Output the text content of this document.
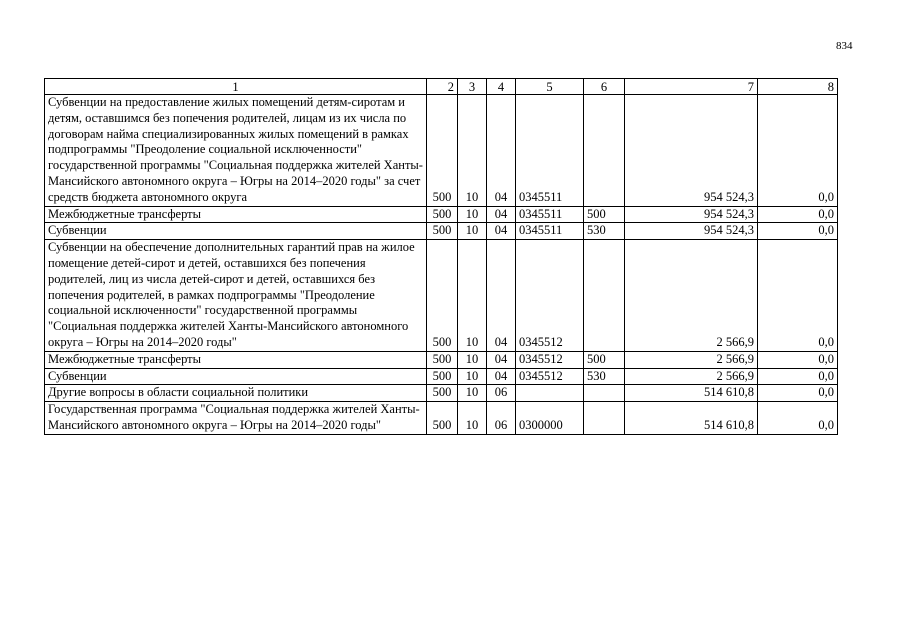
834
1	2	3	4	5	6	7	8
Субвенции на предоставление жилых помещений детям-сиротам и детям, оставшимся без попечения родителей, лицам из их числа по договорам найма специализированных жилых помещений в рамках подпрограммы "Преодоление социальной исключенности" государственной программы "Социальная поддержка жителей Ханты-Мансийского автономного округа – Югры на 2014–2020 годы" за счет средств бюджета автономного округа	500	10	04	0345511		954 524,3	0,0
Межбюджетные трансферты	500	10	04	0345511	500	954 524,3	0,0
Субвенции	500	10	04	0345511	530	954 524,3	0,0
Субвенции на обеспечение дополнительных гарантий прав на жилое помещение детей-сирот и детей, оставшихся без попечения родителей, лиц из числа детей-сирот и детей, оставшихся без попечения родителей, в рамках подпрограммы "Преодоление социальной исключенности" государственной программы "Социальная поддержка жителей Ханты-Мансийского автономного округа – Югры на 2014–2020 годы"	500	10	04	0345512		2 566,9	0,0
Межбюджетные трансферты	500	10	04	0345512	500	2 566,9	0,0
Субвенции	500	10	04	0345512	530	2 566,9	0,0
Другие вопросы в области социальной политики	500	10	06			514 610,8	0,0
Государственная программа "Социальная поддержка жителей Ханты-Мансийского автономного округа – Югры на 2014–2020 годы"	500	10	06	0300000		514 610,8	0,0
